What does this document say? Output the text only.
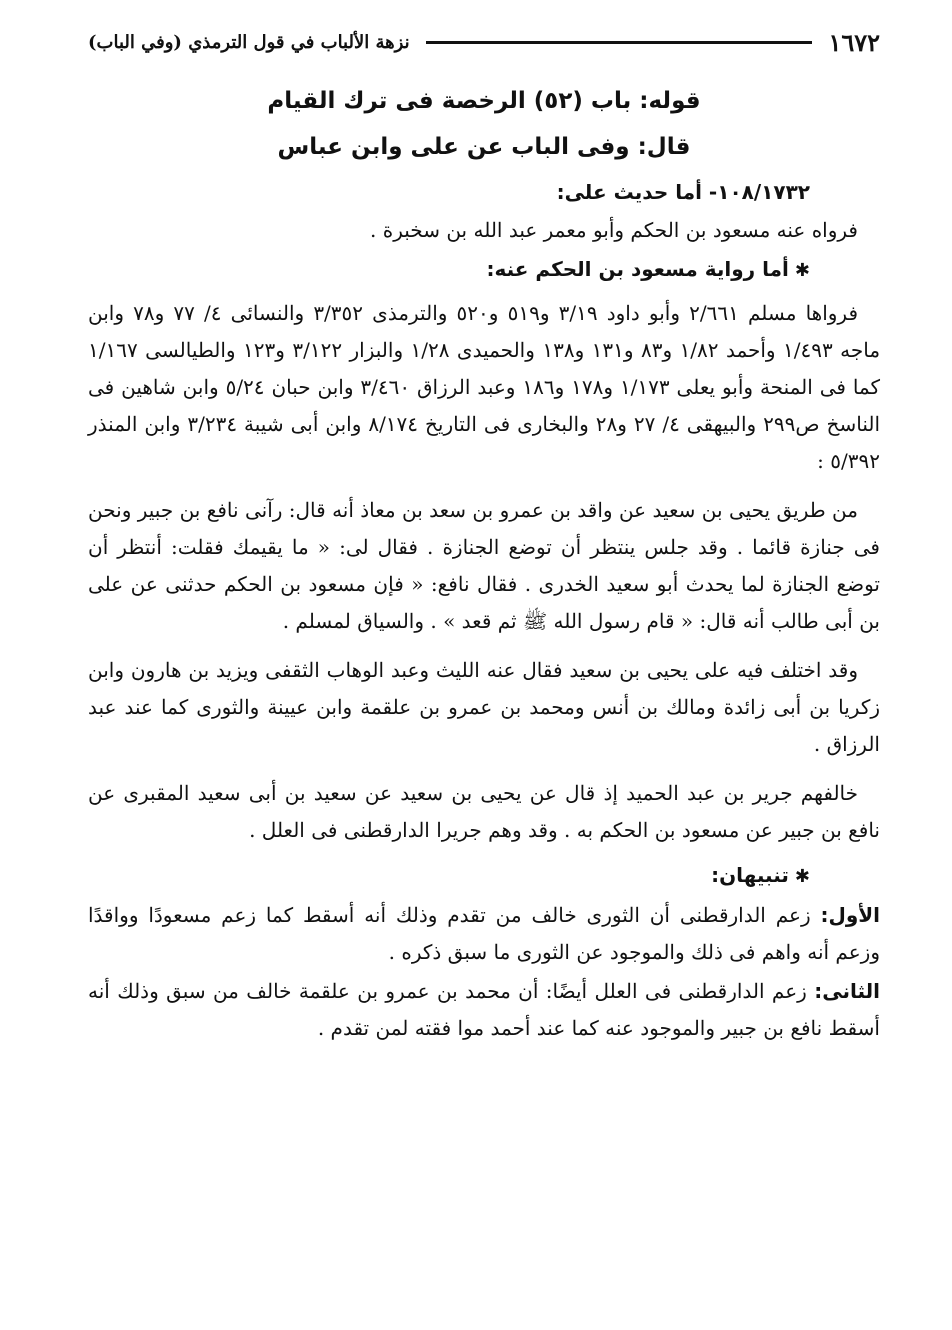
١٦٧٢
نزهة الألباب في قول الترمذي (وفي الباب)
قوله: باب (٥٢) الرخصة فى ترك القيام
قال: وفى الباب عن على وابن عباس
١٠٨/١٧٣٢- أما حديث على:

فرواه عنه مسعود بن الحكم وأبو معمر عبد الله بن سخبرة .

✱أما رواية مسعود بن الحكم عنه:

فرواها مسلم ٢/٦٦١ وأبو داود ٣/١٩ و٥١٩ و٥٢٠ والترمذى ٣/٣٥٢ والنسائى ٤/ ٧٧ و٧٨ وابن ماجه ١/٤٩٣ وأحمد ١/٨٢ و٨٣ و١٣١ و١٣٨ والحميدى ١/٢٨ والبزار ٣/١٢٢ و١٢٣ والطيالسى ١/١٦٧ كما فى المنحة وأبو يعلى ١/١٧٣ و١٧٨ و١٨٦ وعبد الرزاق ٣/٤٦٠ وابن حبان ٥/٢٤ وابن شاهين فى الناسخ ص٢٩٩ والبيهقى ٤/ ٢٧ و٢٨ والبخارى فى التاريخ ٨/١٧٤ وابن أبى شيبة ٣/٢٣٤ وابن المنذر ٥/٣٩٢ :

من طريق يحيى بن سعيد عن واقد بن عمرو بن سعد بن معاذ أنه قال: رآنى نافع بن جبير ونحن فى جنازة قائما . وقد جلس ينتظر أن توضع الجنازة . فقال لى: « ما يقيمك فقلت: أنتظر أن توضع الجنازة لما يحدث أبو سعيد الخدرى . فقال نافع: « فإن مسعود بن الحكم حدثنى عن على بن أبى طالب أنه قال: « قام رسول الله ﷺ ثم قعد » . والسياق لمسلم .

وقد اختلف فيه على يحيى بن سعيد فقال عنه الليث وعبد الوهاب الثقفى ويزيد بن هارون وابن زكريا بن أبى زائدة ومالك بن أنس ومحمد بن عمرو بن علقمة وابن عيينة والثورى كما عند عبد الرزاق .

خالفهم جرير بن عبد الحميد إذ قال عن يحيى بن سعيد عن سعيد بن أبى سعيد المقبرى عن نافع بن جبير عن مسعود بن الحكم به . وقد وهم جريرا الدارقطنى فى العلل .

✱تنبيهان:

الأول: زعم الدارقطنى أن الثورى خالف من تقدم وذلك أنه أسقط كما زعم مسعودًا وواقدًا وزعم أنه واهم فى ذلك والموجود عن الثورى ما سبق ذكره .

الثانى: زعم الدارقطنى فى العلل أيضًا: أن محمد بن عمرو بن علقمة خالف من سبق وذلك أنه أسقط نافع بن جبير والموجود عنه كما عند أحمد موا فقته لمن تقدم .
